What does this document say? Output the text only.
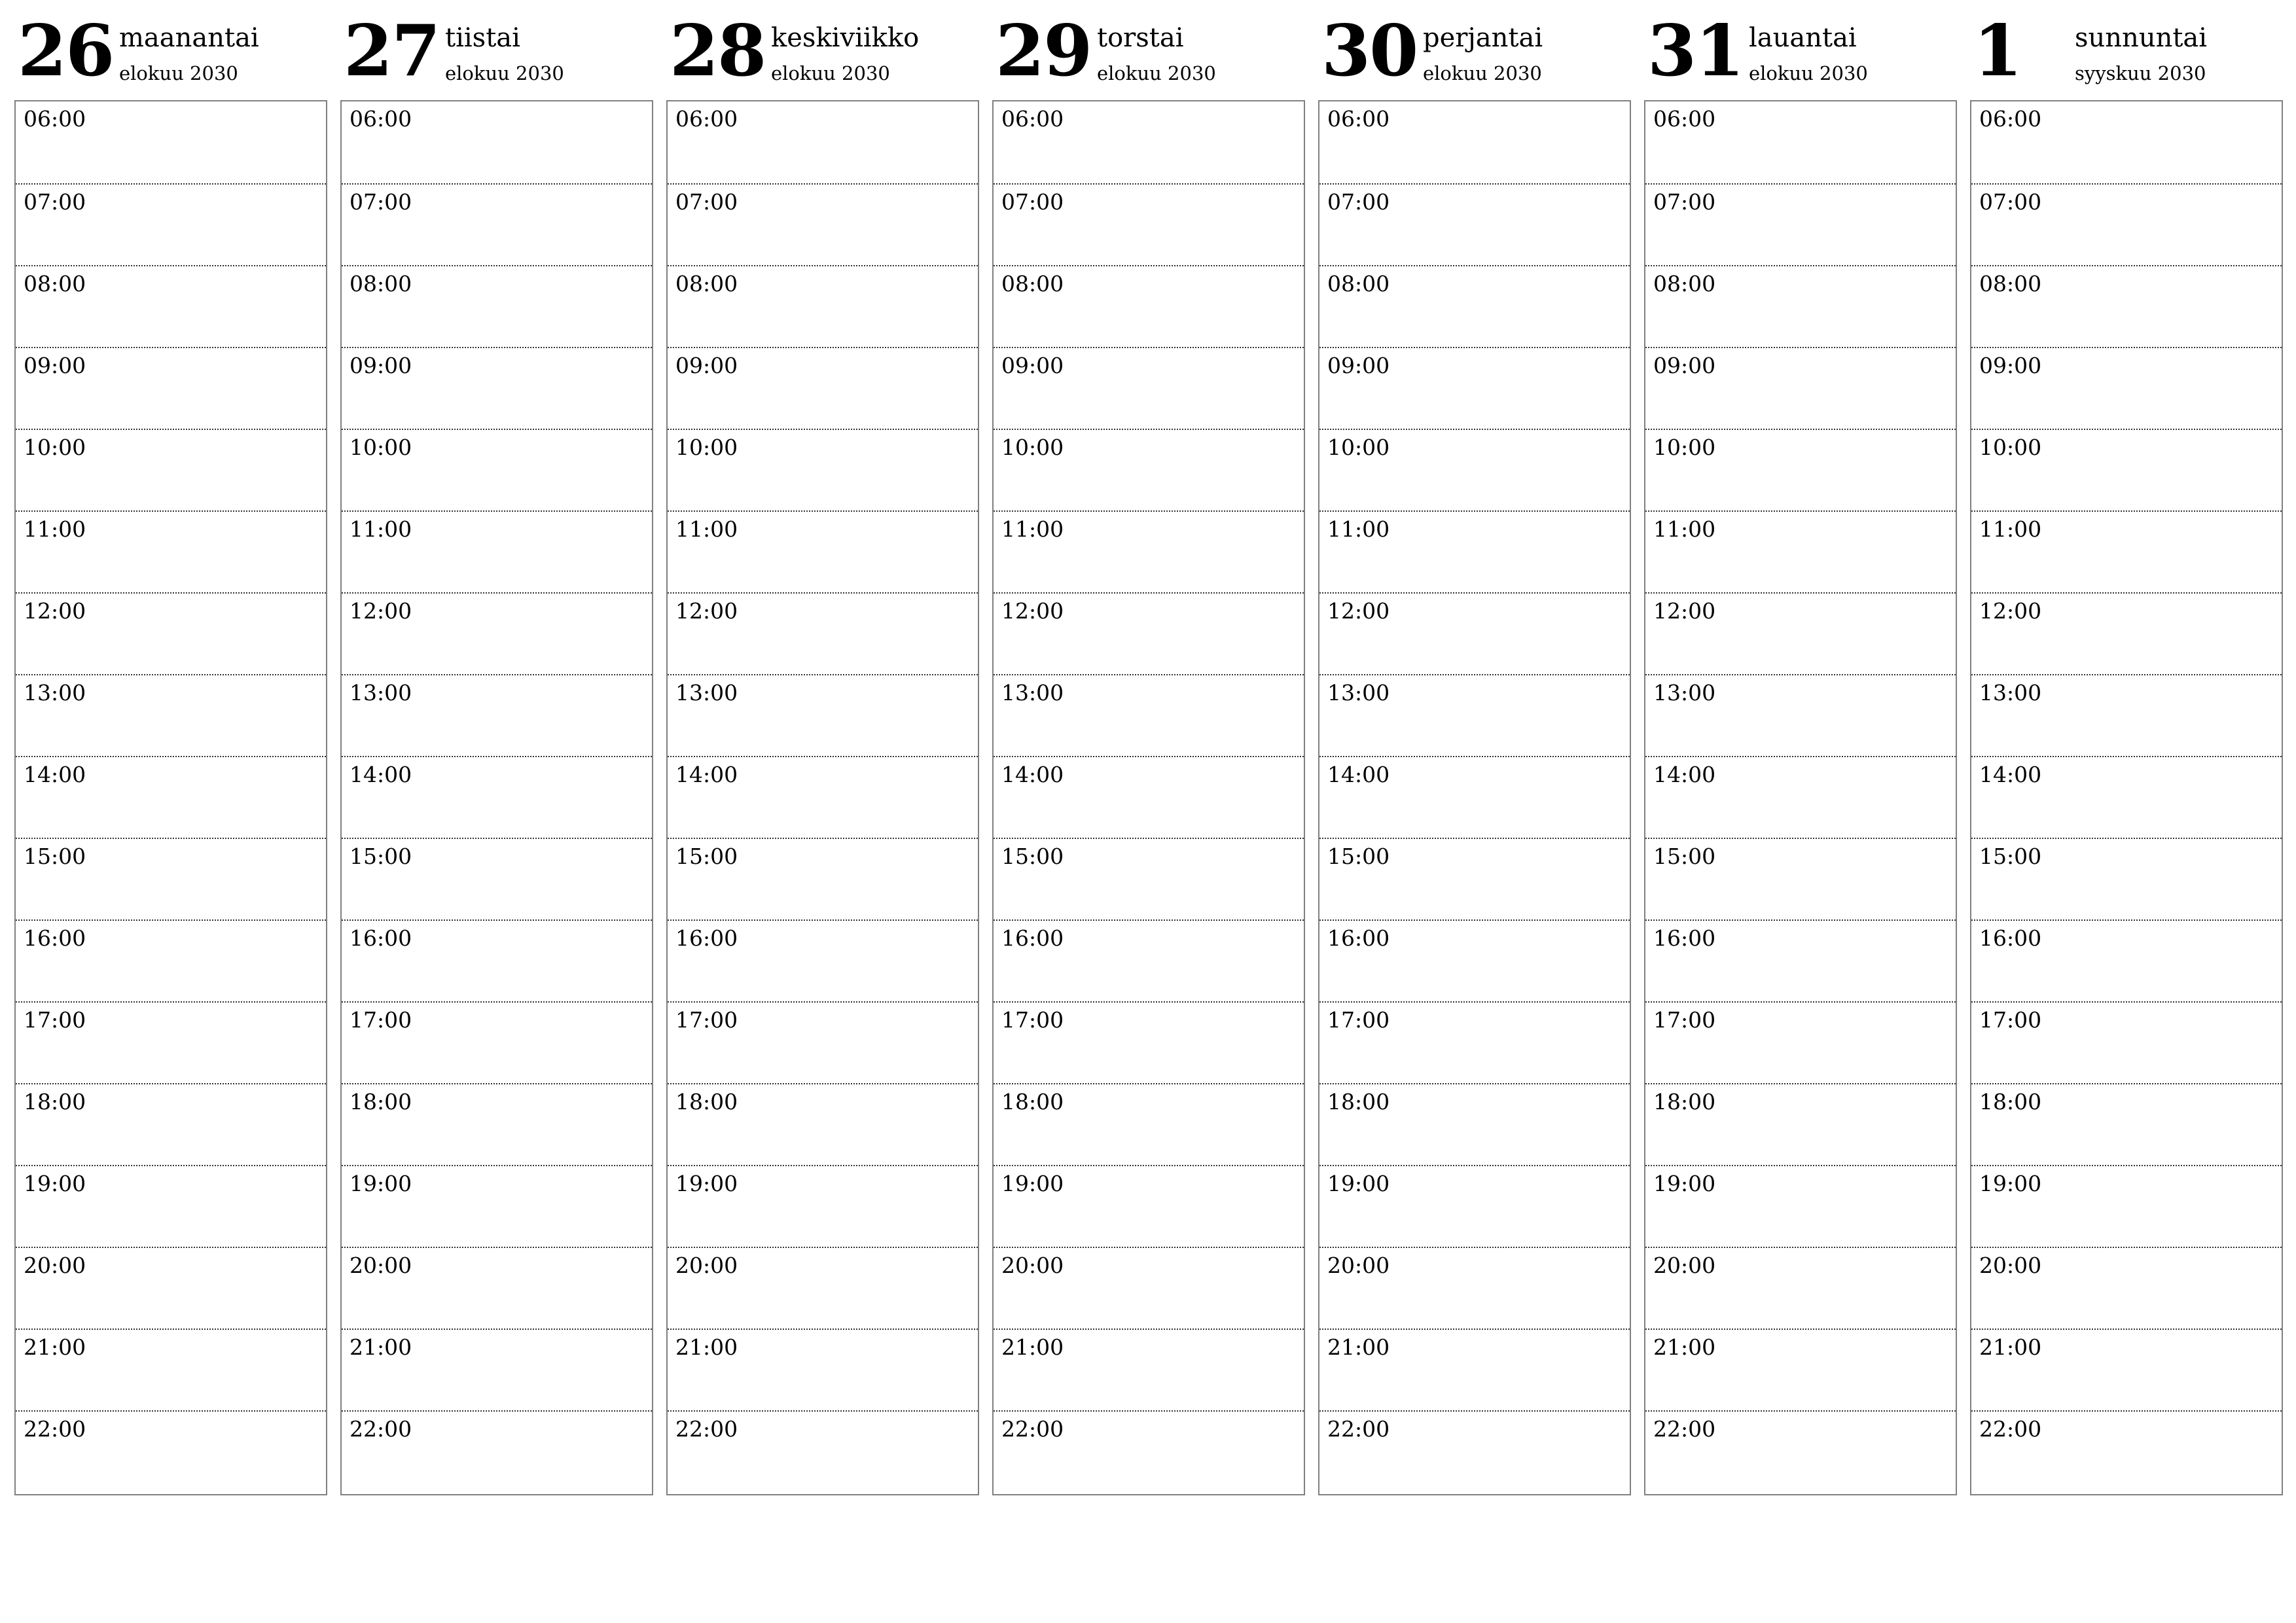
26 maanantai
elokuu 2030
06:00
07:00
08:00
09:00
10:00
11:00
12:00
13:00
14:00
15:00
16:00
17:00
18:00
19:00
20:00
21:00
22:00
27 tiistai
elokuu 2030
06:00
07:00
08:00
09:00
10:00
11:00
12:00
13:00
14:00
15:00
16:00
17:00
18:00
19:00
20:00
21:00
22:00
28 keskiviikko
elokuu 2030
06:00
07:00
08:00
09:00
10:00
11:00
12:00
13:00
14:00
15:00
16:00
17:00
18:00
19:00
20:00
21:00
22:00
29 torstai
elokuu 2030
06:00
07:00
08:00
09:00
10:00
11:00
12:00
13:00
14:00
15:00
16:00
17:00
18:00
19:00
20:00
21:00
22:00
30 perjantai
elokuu 2030
06:00
07:00
08:00
09:00
10:00
11:00
12:00
13:00
14:00
15:00
16:00
17:00
18:00
19:00
20:00
21:00
22:00
31 lauantai
elokuu 2030
06:00
07:00
08:00
09:00
10:00
11:00
12:00
13:00
14:00
15:00
16:00
17:00
18:00
19:00
20:00
21:00
22:00
1 sunnuntai
syyskuu 2030
06:00
07:00
08:00
09:00
10:00
11:00
12:00
13:00
14:00
15:00
16:00
17:00
18:00
19:00
20:00
21:00
22:00
